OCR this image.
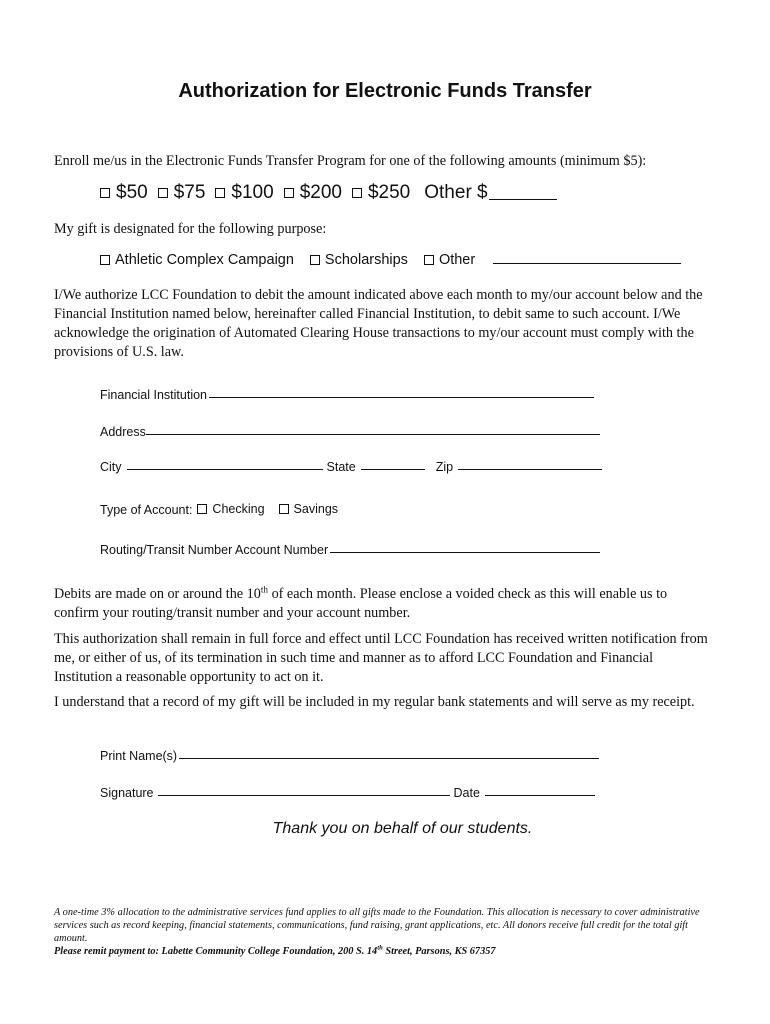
Authorization for Electronic Funds Transfer

Enroll me/us in the Electronic Funds Transfer Program for one of the following amounts (minimum $5):

$50 $75 $100 $200 $250 Other $

My gift is designated for the following purpose:

Athletic Complex Campaign Scholarships Other

I/We authorize LCC Foundation to debit the amount indicated above each month to my/our account below and the Financial Institution named below, hereinafter called Financial Institution, to debit same to such account. I/We acknowledge the origination of Automated Clearing House transactions to my/our account must comply with the provisions of U.S. law.

Financial Institution
Address
City	State	Zip
Type of Account: Checking Savings
Routing/Transit Number Account Number

Debits are made on or around the 10th of each month. Please enclose a voided check as this will enable us to confirm your routing/transit number and your account number.

This authorization shall remain in full force and effect until LCC Foundation has received written notification from me, or either of us, of its termination in such time and manner as to afford LCC Foundation and Financial Institution a reasonable opportunity to act on it.

I understand that a record of my gift will be included in my regular bank statements and will serve as my receipt.

Print Name(s)
Signature	Date
Thank you on behalf of our students.

A one-time 3% allocation to the administrative services fund applies to all gifts made to the Foundation. This allocation is necessary to cover administrative services such as record keeping, financial statements, communications, fund raising, grant applications, etc. All donors receive full credit for the total gift amount.
Please remit payment to: Labette Community College Foundation, 200 S. 14th Street, Parsons, KS 67357
